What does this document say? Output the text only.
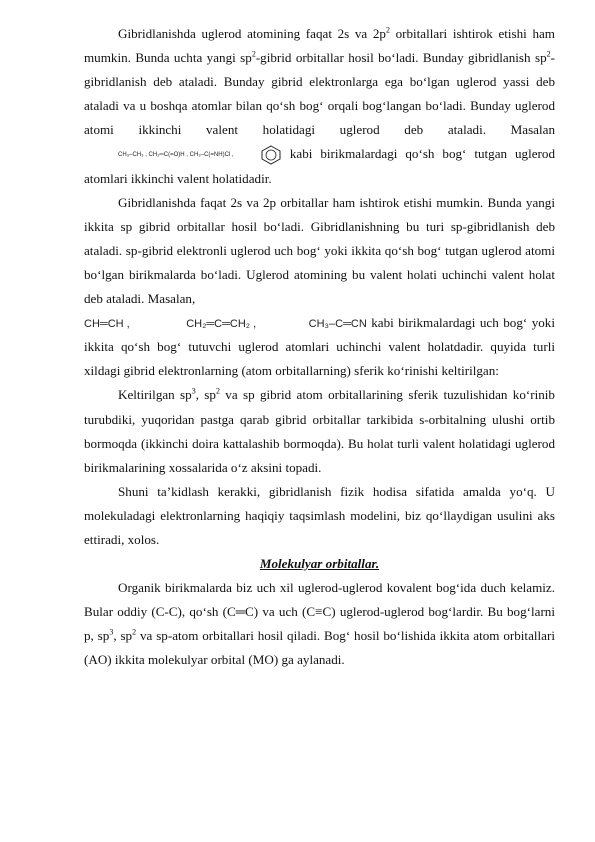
Gibridlanishda uglerod atomining faqat 2s va $2p^2$ orbitallari ishtirok etishi ham mumkin. Bunda uchta yangi $sp^2$-gibrid orbitallar hosil bo‘ladi. Bunday gibridlanish $sp^2$-gibridlanish deb ataladi. Bunday gibrid elektronlarga ega bo‘lgan uglerod yassi deb ataladi va u boshqa atomlar bilan qo‘sh bog‘ orqali bog‘langan bo‘ladi. Bunday uglerod atomi ikkinchi valent holatidagi uglerod deb ataladi. Masalan CH₃–CH₃ , CH₂═C(=O)H , CH₃–C(=NH)Cl ,	kabi birikmalardagi qo‘sh bog‘ tutgan uglerod atomlari ikkinchi valent holatidadir.

Gibridlanishda faqat 2s va 2p orbitallar ham ishtirok etishi mumkin. Bunda yangi ikkita sp gibrid orbitallar hosil bo‘ladi. Gibridlanishning bu turi sp-gibridlanish deb ataladi. sp-gibrid elektronli uglerod uch bog‘ yoki ikkita qo‘sh bog‘ tutgan uglerod atomi bo‘lgan birikmalarda bo‘ladi. Uglerod atomining bu valent holati uchinchi valent holat deb ataladi. Masalan,
CH═CH ,	CH₂═C═CH₂ ,	CH₃–C═CN kabi birikmalardagi uch bog‘ yoki ikkita qo‘sh bog‘ tutuvchi uglerod atomlari uchinchi valent holatdadir. quyida turli xildagi gibrid elektronlarning (atom orbitallarning) sferik ko‘rinishi keltirilgan:

Keltirilgan $sp^3$, $sp^2$ va sp gibrid atom orbitallarining sferik tuzulishidan ko‘rinib turubdiki, yuqoridan pastga qarab gibrid orbitallar tarkibida s-orbitalning ulushi ortib bormoqda (ikkinchi doira kattalashib bormoqda). Bu holat turli valent holatidagi uglerod birikmalarining xossalarida o‘z aksini topadi.

Shuni ta’kidlash kerakki, gibridlanish fizik hodisa sifatida amalda yo‘q. U molekuladagi elektronlarning haqiqiy taqsimlash modelini, biz qo‘llaydigan usulini aks ettiradi, xolos.

Molekulyar orbitallar.

Organik birikmalarda biz uch xil uglerod-uglerod kovalent bog‘ida duch kelamiz. Bular oddiy (C-C), qo‘sh (C═C) va uch (C≡C) uglerod-uglerod bog‘lardir. Bu bog‘larni p, $sp^3$, $sp^2$ va sp-atom orbitallari hosil qiladi. Bog‘ hosil bo‘lishida ikkita atom orbitallari (AO) ikkita molekulyar orbital (MO) ga aylanadi.
